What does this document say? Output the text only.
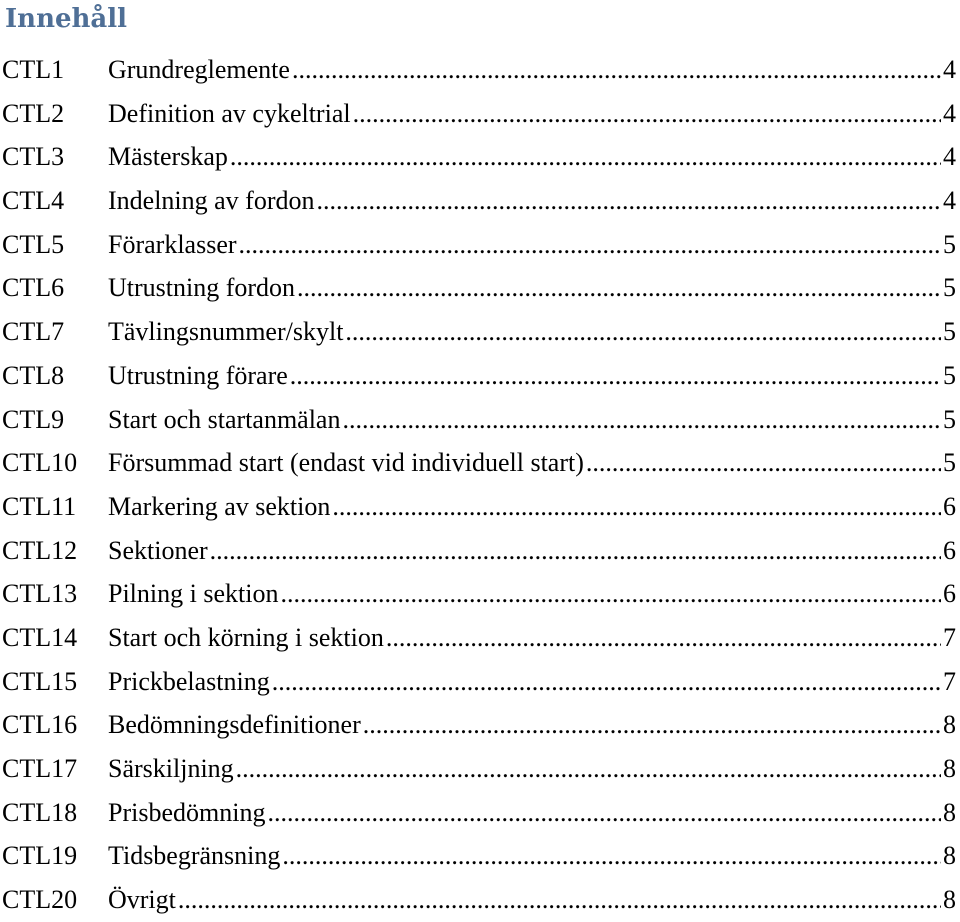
Innehåll
CTL1	Grundreglemente .....	4
CTL2	Definition av cykeltrial .....	4
CTL3	Mästerskap .....	4
CTL4	Indelning av fordon .....	4
CTL5	Förarklasser .....	5
CTL6	Utrustning fordon .....	5
CTL7	Tävlingsnummer/skylt .....	5
CTL8	Utrustning förare .....	5
CTL9	Start och startanmälan .....	5
CTL10	Försummad start (endast vid individuell start) .....	5
CTL11	Markering av sektion .....	6
CTL12	Sektioner .....	6
CTL13	Pilning i sektion .....	6
CTL14	Start och körning i sektion .....	7
CTL15	Prickbelastning .....	7
CTL16	Bedömningsdefinitioner .....	8
CTL17	Särskiljning .....	8
CTL18	Prisbedömning .....	8
CTL19	Tidsbegränsning .....	8
CTL20	Övrigt .....	8
